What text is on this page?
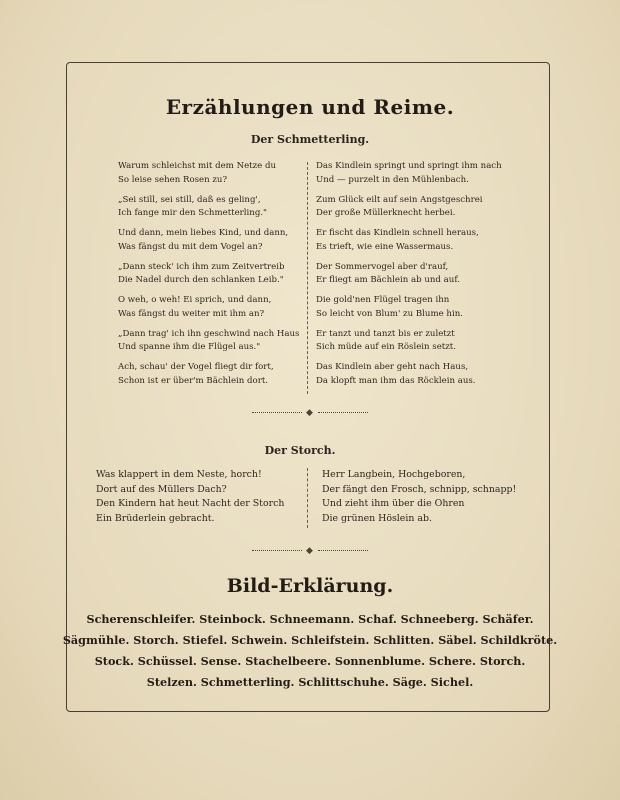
Erzählungen und Reime.
Der Schmetterling.
Warum schleichst mit dem Netze du
So leise sehen Rosen zu?
„Sei still, sei still, daß es geling',
Ich fange mir den Schmetterling."
Und dann, mein liebes Kind, und dann,
Was fängst du mit dem Vogel an?
„Dann steck' ich ihm zum Zeitvertreib
Die Nadel durch den schlanken Leib."
O weh, o weh! Ei sprich, und dann,
Was fängst du weiter mit ihm an?
„Dann trag' ich ihn geschwind nach Haus
Und spanne ihm die Flügel aus."
Ach, schau' der Vogel fliegt dir fort,
Schon ist er über'm Bächlein dort.
Das Kindlein springt und springt ihm nach
Und — purzelt in den Mühlenbach.
Zum Glück eilt auf sein Angstgeschrei
Der große Müllerknecht herbei.
Er fischt das Kindlein schnell heraus,
Es trieft, wie eine Wassermaus.
Der Sommervogel aber d'rauf,
Er fliegt am Bächlein ab und auf.
Die gold'nen Flügel tragen ihn
So leicht von Blum' zu Blume hin.
Er tanzt und tanzt bis er zuletzt
Sich müde auf ein Röslein setzt.
Das Kindlein aber geht nach Haus,
Da klopft man ihm das Röcklein aus.
◆
Der Storch.
Was klappert in dem Neste, horch!
Dort auf des Müllers Dach?
Den Kindern hat heut Nacht der Storch
Ein Brüderlein gebracht.
Herr Langbein, Hochgeboren,
Der fängt den Frosch, schnipp, schnapp!
Und zieht ihm über die Ohren
Die grünen Höslein ab.
◆
Bild-Erklärung.
Scherenschleifer. Steinbock. Schneemann. Schaf. Schneeberg. Schäfer.
Sägmühle. Storch. Stiefel. Schwein. Schleifstein. Schlitten. Säbel. Schildkröte.
Stock. Schüssel. Sense. Stachelbeere. Sonnenblume. Schere. Storch.
Stelzen. Schmetterling. Schlittschuhe. Säge. Sichel.
